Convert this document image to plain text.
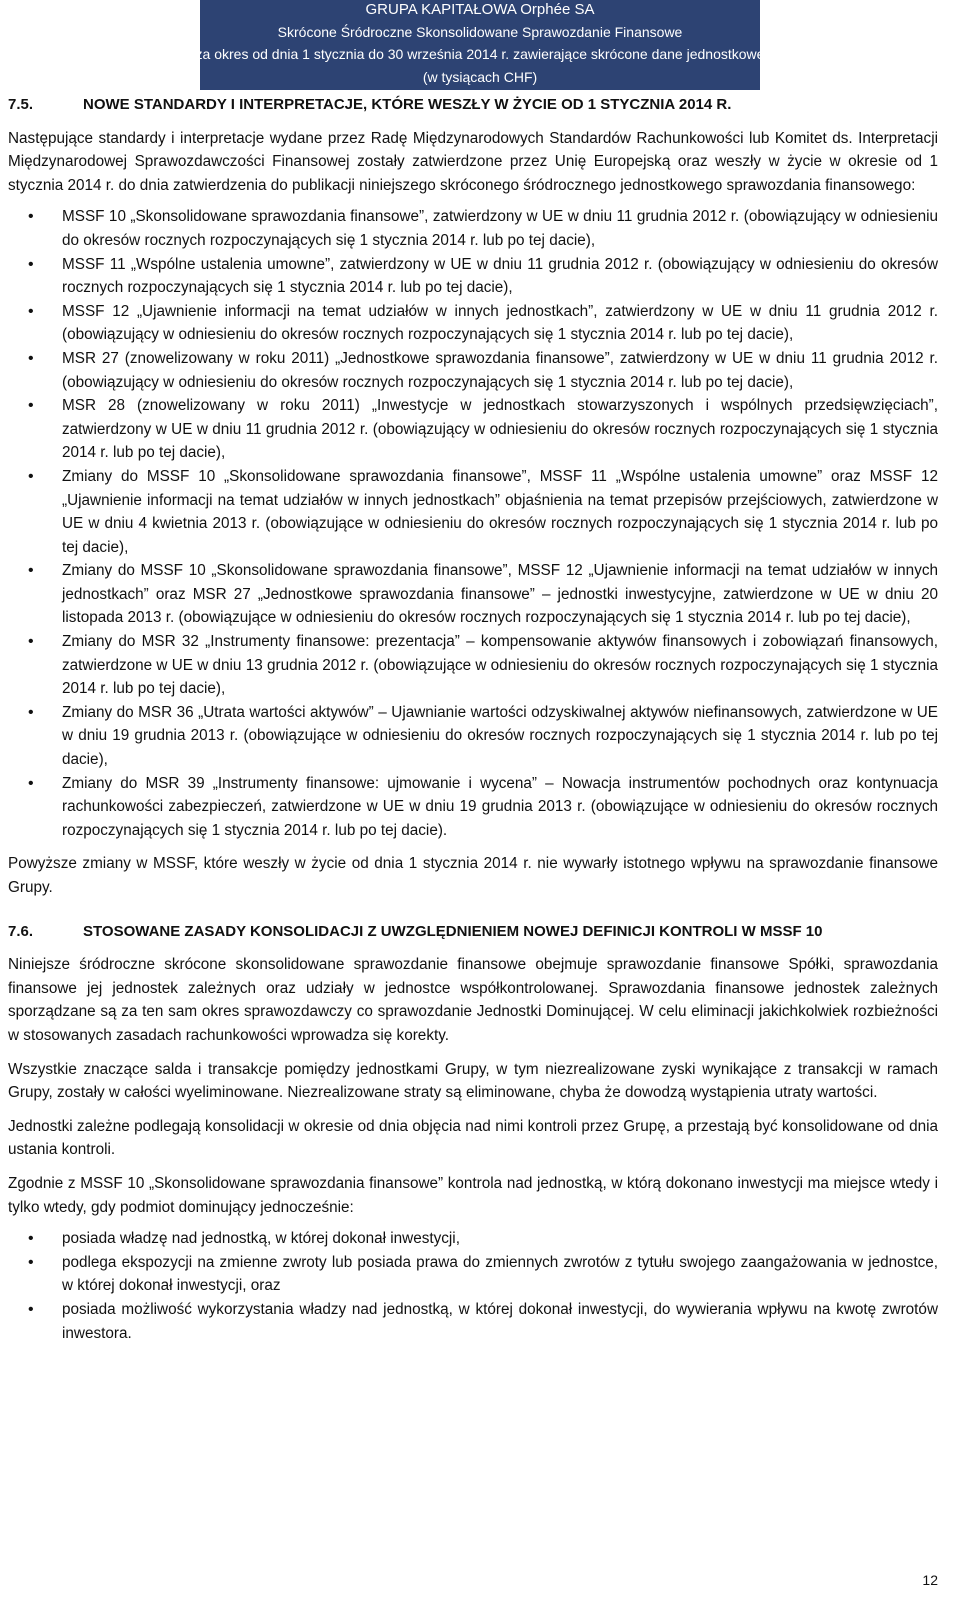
GRUPA KAPITAŁOWA Orphée SA
Skrócone Śródroczne Skonsolidowane Sprawozdanie Finansowe
za okres od dnia 1 stycznia do 30 września 2014 r. zawierające skrócone dane jednostkowe
(w tysiącach CHF)
7.5.	NOWE STANDARDY I INTERPRETACJE, KTÓRE WESZŁY W ŻYCIE OD 1 STYCZNIA 2014 R.

Następujące standardy i interpretacje wydane przez Radę Międzynarodowych Standardów Rachunkowości lub Komitet ds. Interpretacji Międzynarodowej Sprawozdawczości Finansowej zostały zatwierdzone przez Unię Europejską oraz weszły w życie w okresie od 1 stycznia 2014 r. do dnia zatwierdzenia do publikacji niniejszego skróconego śródrocznego jednostkowego sprawozdania finansowego:

• MSSF 10 „Skonsolidowane sprawozdania finansowe”, zatwierdzony w UE w dniu 11 grudnia 2012 r. (obowiązujący w odniesieniu do okresów rocznych rozpoczynających się 1 stycznia 2014 r. lub po tej dacie),
• MSSF 11 „Wspólne ustalenia umowne”, zatwierdzony w UE w dniu 11 grudnia 2012 r. (obowiązujący w odniesieniu do okresów rocznych rozpoczynających się 1 stycznia 2014 r. lub po tej dacie),
• MSSF 12 „Ujawnienie informacji na temat udziałów w innych jednostkach”, zatwierdzony w UE w dniu 11 grudnia 2012 r. (obowiązujący w odniesieniu do okresów rocznych rozpoczynających się 1 stycznia 2014 r. lub po tej dacie),
• MSR 27 (znowelizowany w roku 2011) „Jednostkowe sprawozdania finansowe”, zatwierdzony w UE w dniu 11 grudnia 2012 r. (obowiązujący w odniesieniu do okresów rocznych rozpoczynających się 1 stycznia 2014 r. lub po tej dacie),
• MSR 28 (znowelizowany w roku 2011) „Inwestycje w jednostkach stowarzyszonych i wspólnych przedsięwzięciach”, zatwierdzony w UE w dniu 11 grudnia 2012 r. (obowiązujący w odniesieniu do okresów rocznych rozpoczynających się 1 stycznia 2014 r. lub po tej dacie),
• Zmiany do MSSF 10 „Skonsolidowane sprawozdania finansowe”, MSSF 11 „Wspólne ustalenia umowne” oraz MSSF 12 „Ujawnienie informacji na temat udziałów w innych jednostkach” objaśnienia na temat przepisów przejściowych, zatwierdzone w UE w dniu 4 kwietnia 2013 r. (obowiązujące w odniesieniu do okresów rocznych rozpoczynających się 1 stycznia 2014 r. lub po tej dacie),
• Zmiany do MSSF 10 „Skonsolidowane sprawozdania finansowe”, MSSF 12 „Ujawnienie informacji na temat udziałów w innych jednostkach” oraz MSR 27 „Jednostkowe sprawozdania finansowe” – jednostki inwestycyjne, zatwierdzone w UE w dniu 20 listopada 2013 r. (obowiązujące w odniesieniu do okresów rocznych rozpoczynających się 1 stycznia 2014 r. lub po tej dacie),
• Zmiany do MSR 32 „Instrumenty finansowe: prezentacja” – kompensowanie aktywów finansowych i zobowiązań finansowych, zatwierdzone w UE w dniu 13 grudnia 2012 r. (obowiązujące w odniesieniu do okresów rocznych rozpoczynających się 1 stycznia 2014 r. lub po tej dacie),
• Zmiany do MSR 36 „Utrata wartości aktywów” – Ujawnianie wartości odzyskiwalnej aktywów niefinansowych, zatwierdzone w UE w dniu 19 grudnia 2013 r. (obowiązujące w odniesieniu do okresów rocznych rozpoczynających się 1 stycznia 2014 r. lub po tej dacie),
• Zmiany do MSR 39 „Instrumenty finansowe: ujmowanie i wycena” – Nowacja instrumentów pochodnych oraz kontynuacja rachunkowości zabezpieczeń, zatwierdzone w UE w dniu 19 grudnia 2013 r. (obowiązujące w odniesieniu do okresów rocznych rozpoczynających się 1 stycznia 2014 r. lub po tej dacie).

Powyższe zmiany w MSSF, które weszły w życie od dnia 1 stycznia 2014 r. nie wywarły istotnego wpływu na sprawozdanie finansowe Grupy.

7.6.	STOSOWANE ZASADY KONSOLIDACJI Z UWZGLĘDNIENIEM NOWEJ DEFINICJI KONTROLI W MSSF 10

Niniejsze śródroczne skrócone skonsolidowane sprawozdanie finansowe obejmuje sprawozdanie finansowe Spółki, sprawozdania finansowe jej jednostek zależnych oraz udziały w jednostce współkontrolowanej. Sprawozdania finansowe jednostek zależnych sporządzane są za ten sam okres sprawozdawczy co sprawozdanie Jednostki Dominującej. W celu eliminacji jakichkolwiek rozbieżności w stosowanych zasadach rachunkowości wprowadza się korekty.

Wszystkie znaczące salda i transakcje pomiędzy jednostkami Grupy, w tym niezrealizowane zyski wynikające z transakcji w ramach Grupy, zostały w całości wyeliminowane. Niezrealizowane straty są eliminowane, chyba że dowodzą wystąpienia utraty wartości.

Jednostki zależne podlegają konsolidacji w okresie od dnia objęcia nad nimi kontroli przez Grupę, a przestają być konsolidowane od dnia ustania kontroli.

Zgodnie z MSSF 10 „Skonsolidowane sprawozdania finansowe” kontrola nad jednostką, w którą dokonano inwestycji ma miejsce wtedy i tylko wtedy, gdy podmiot dominujący jednocześnie:

• posiada władzę nad jednostką, w której dokonał inwestycji,
• podlega ekspozycji na zmienne zwroty lub posiada prawa do zmiennych zwrotów z tytułu swojego zaangażowania w jednostce, w której dokonał inwestycji, oraz
• posiada możliwość wykorzystania władzy nad jednostką, w której dokonał inwestycji, do wywierania wpływu na kwotę zwrotów inwestora.
12
